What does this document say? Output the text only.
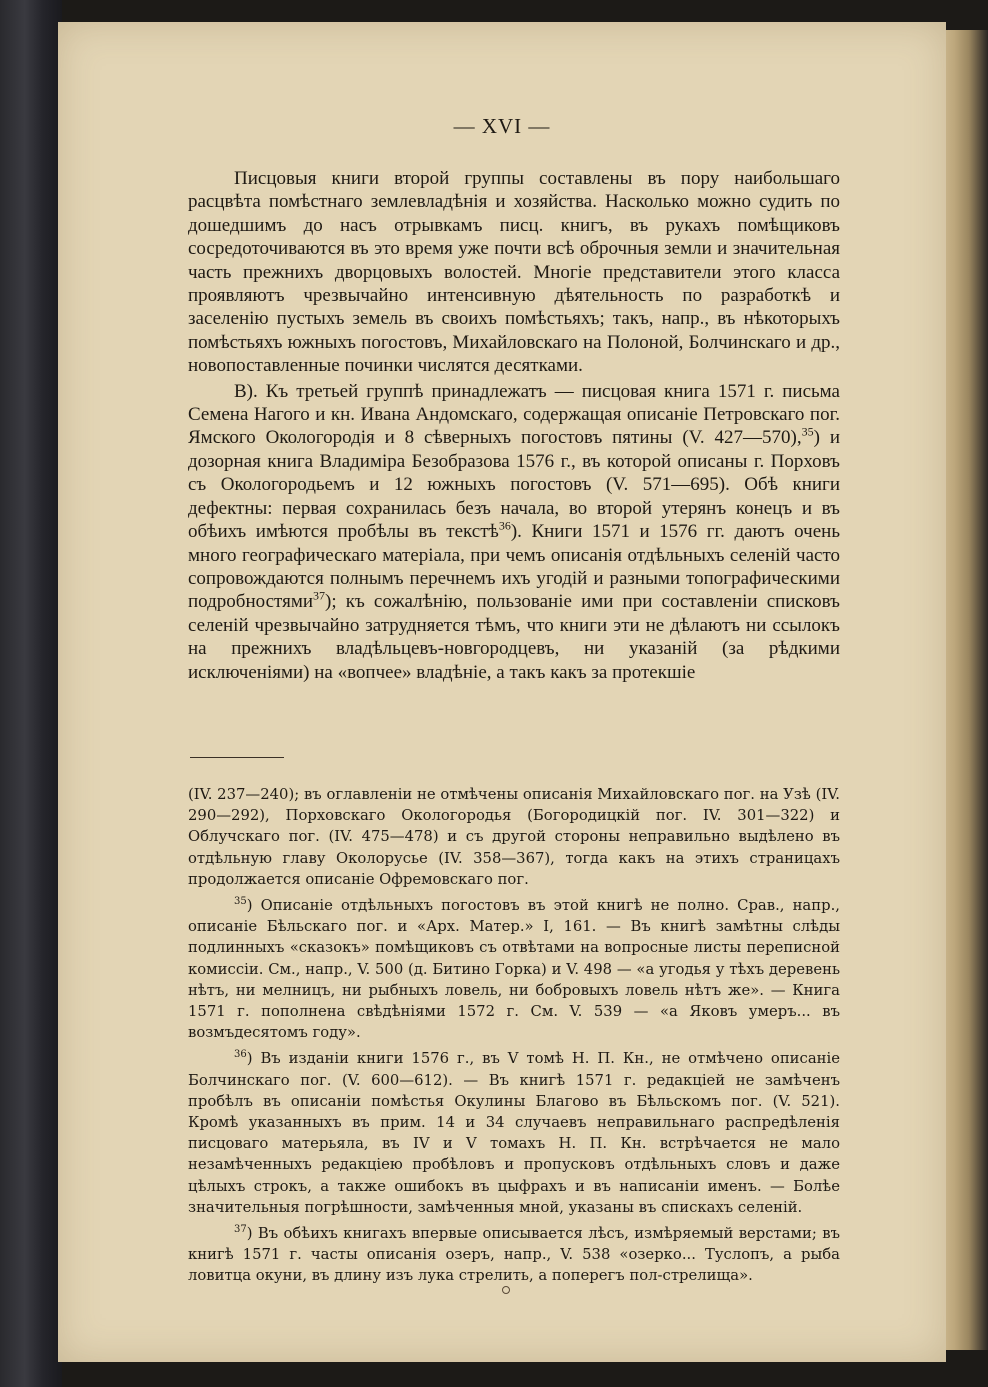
— XVI —

Писцовыя книги второй группы составлены въ пору наибольшаго расцвѣта помѣстнаго землевладѣнія и хозяйства. Насколько можно судить по дошедшимъ до насъ отрывкамъ писц. книгъ, въ рукахъ помѣщиковъ сосредоточиваются въ это время уже почти всѣ оброчныя земли и значительная часть прежнихъ дворцовыхъ волостей. Многіе представители этого класса проявляютъ чрезвычайно интенсивную дѣятельность по разработкѣ и заселенію пустыхъ земель въ своихъ помѣстьяхъ; такъ, напр., въ нѣкоторыхъ помѣстьяхъ южныхъ погостовъ, Михайловскаго на Полоной, Болчинскаго и др., новопоставленные починки числятся десятками.

В). Къ третьей группѣ принадлежатъ — писцовая книга 1571 г. письма Семена Нагого и кн. Ивана Андомскаго, содержащая описаніе Петровскаго пог. Ямского Окологородія и 8 сѣверныхъ погостовъ пятины (V. 427—570),$^{35}$) и дозорная книга Владиміра Безобразова 1576 г., въ которой описаны г. Порховъ съ Окологородьемъ и 12 южныхъ погостовъ (V. 571—695). Обѣ книги дефектны: первая сохранилась безъ начала, во второй утерянъ конецъ и въ обѣихъ имѣются пробѣлы въ текстѣ$^{36}$). Книги 1571 и 1576 гг. даютъ очень много географическаго матеріала, при чемъ описанія отдѣльныхъ селеній часто сопровождаются полнымъ перечнемъ ихъ угодій и разными топографическими подробностями$^{37}$); къ сожалѣнію, пользованіе ими при составленіи списковъ селеній чрезвычайно затрудняется тѣмъ, что книги эти не дѣлаютъ ни ссылокъ на прежнихъ владѣльцевъ-новгородцевъ, ни указаній (за рѣдкими исключеніями) на «вопчее» владѣніе, а такъ какъ за протекшіе

(IV. 237—240); въ оглавленіи не отмѣчены описанія Михайловскаго пог. на Узѣ (IV. 290—292), Порховскаго Окологородья (Богородицкій пог. IV. 301—322) и Облучскаго пог. (IV. 475—478) и съ другой стороны неправильно выдѣлено въ отдѣльную главу Околорусье (IV. 358—367), тогда какъ на этихъ страницахъ продолжается описаніе Офремовскаго пог.

$^{35}$) Описаніе отдѣльныхъ погостовъ въ этой книгѣ не полно. Срав., напр., описаніе Бѣльскаго пог. и «Арх. Матер.» I, 161. — Въ книгѣ замѣтны слѣды подлинныхъ «сказокъ» помѣщиковъ съ отвѣтами на вопросные листы переписной комиссіи. См., напр., V. 500 (д. Битино Горка) и V. 498 — «а угодья у тѣхъ деревень нѣтъ, ни мелницъ, ни рыбныхъ ловель, ни бобровыхъ ловель нѣтъ же». — Книга 1571 г. пополнена свѣдѣніями 1572 г. См. V. 539 — «а Яковъ умеръ... въ возмъдесятомъ году».

$^{36}$) Въ изданіи книги 1576 г., въ V томѣ Н. П. Кн., не отмѣчено описаніе Болчинскаго пог. (V. 600—612). — Въ книгѣ 1571 г. редакціей не замѣченъ пробѣлъ въ описаніи помѣстья Окулины Благово въ Бѣльскомъ пог. (V. 521). Кромѣ указанныхъ въ прим. 14 и 34 случаевъ неправильнаго распредѣленія писцоваго матерьяла, въ IV и V томахъ Н. П. Кн. встрѣчается не мало незамѣченныхъ редакціею пробѣловъ и пропусковъ отдѣльныхъ словъ и даже цѣлыхъ строкъ, а также ошибокъ въ цыфрахъ и въ написаніи именъ. — Болѣе значительныя погрѣшности, замѣченныя мной, указаны въ спискахъ селеній.

$^{37}$) Въ обѣихъ книгахъ впервые описывается лѣсъ, измѣряемый верстами; въ книгѣ 1571 г. часты описанія озеръ, напр., V. 538 «озерко... Туслопъ, а рыба ловитца окуни, въ длину изъ лука стрелить, а поперегъ пол-стрелища».
